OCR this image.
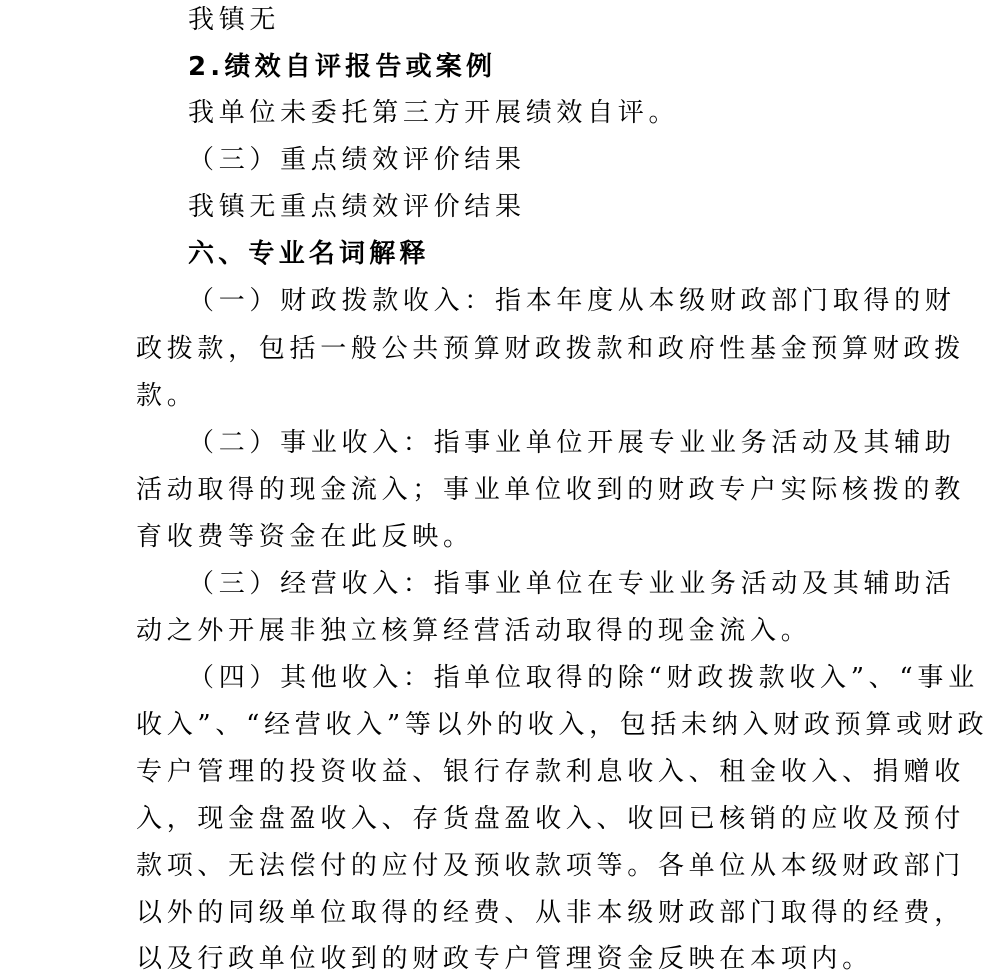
我镇无

2.绩效自评报告或案例

我单位未委托第三方开展绩效自评。

（三）重点绩效评价结果

我镇无重点绩效评价结果

六、专业名词解释

（一）财政拨款收入：指本年度从本级财政部门取得的财

政拨款，包括一般公共预算财政拨款和政府性基金预算财政拨

款。

（二）事业收入：指事业单位开展专业业务活动及其辅助

活动取得的现金流入；事业单位收到的财政专户实际核拨的教

育收费等资金在此反映。

（三）经营收入：指事业单位在专业业务活动及其辅助活

动之外开展非独立核算经营活动取得的现金流入。

（四）其他收入：指单位取得的除“财政拨款收入”、“事业

收入”、“经营收入”等以外的收入，包括未纳入财政预算或财政

专户管理的投资收益、银行存款利息收入、租金收入、捐赠收

入，现金盘盈收入、存货盘盈收入、收回已核销的应收及预付

款项、无法偿付的应付及预收款项等。各单位从本级财政部门

以外的同级单位取得的经费、从非本级财政部门取得的经费，

以及行政单位收到的财政专户管理资金反映在本项内。
